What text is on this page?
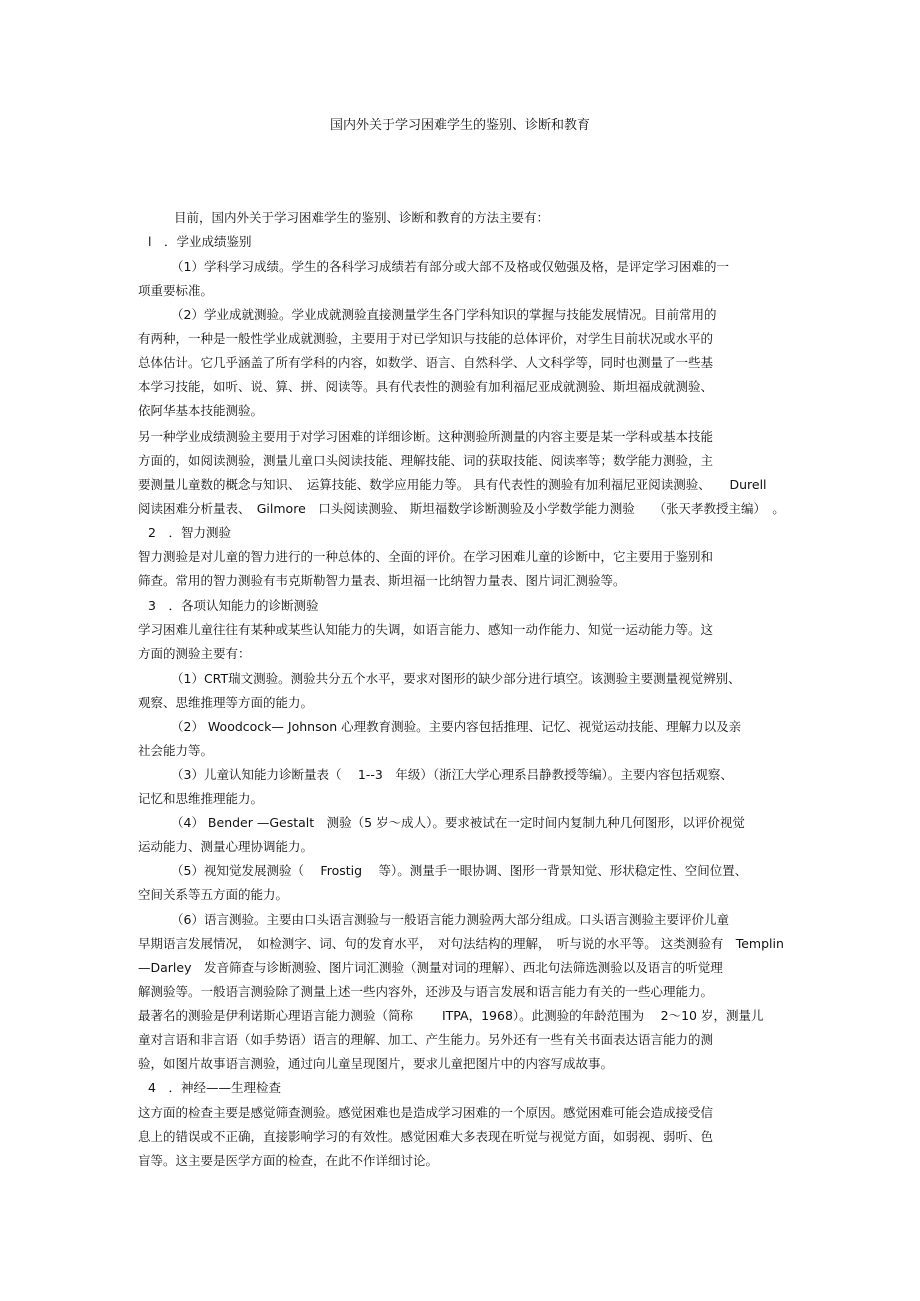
国内外关于学习困难学生的鉴别、诊断和教育
目前，国内外关于学习困难学生的鉴别、诊断和教育的方法主要有：
l　．学业成绩鉴别
（1）学科学习成绩。学生的各科学习成绩若有部分或大部不及格或仅勉强及格，是评定学习困难的一
项重要标准。
（2）学业成就测验。学业成就测验直接测量学生各门学科知识的掌握与技能发展情况。目前常用的
有两种，一种是一般性学业成就测验，主要用于对已学知识与技能的总体评价，对学生目前状况或水平的
总体估计。它几乎涵盖了所有学科的内容，如数学、语言、自然科学、人文科学等，同时也测量了一些基
本学习技能，如听、说、算、拼、阅读等。具有代表性的测验有加利福尼亚成就测验、斯坦福成就测验、
依阿华基本技能测验。
另一种学业成绩测验主要用于对学习困难的详细诊断。这种测验所测量的内容主要是某一学科或基本技能
方面的，如阅读测验，测量儿童口头阅读技能、理解技能、词的获取技能、阅读率等；数学能力测验，主
要测量儿童数的概念与知识、　运算技能、数学应用能力等。 具有代表性的测验有加利福尼亚阅读测验、　　Durell
阅读困难分析量表、　Gilmore　口头阅读测验、 斯坦福数学诊断测验及小学数学能力测验　　（张天孝教授主编）　。
2　．智力测验
智力测验是对儿童的智力进行的一种总体的、全面的评价。在学习困难儿童的诊断中，它主要用于鉴别和
筛查。常用的智力测验有韦克斯勒智力量表、斯坦福一比纳智力量表、图片词汇测验等。
3　．各项认知能力的诊断测验
学习困难儿童往往有某种或某些认知能力的失调，如语言能力、感知一动作能力、知觉一运动能力等。这
方面的测验主要有：
（1）CRT瑞文测验。测验共分五个水平，要求对图形的缺少部分进行填空。该测验主要测量视觉辨别、
观察、思维推理等方面的能力。
（2） Woodcock— Johnson 心理教育测验。主要内容包括推理、记忆、视觉运动技能、理解力以及亲
社会能力等。
（3）儿童认知能力诊断量表（　 1--3　年级）（浙江大学心理系吕静教授等编）。主要内容包括观察、
记忆和思维推理能力。
（4） Bender —Gestalt　测验（5 岁～成人）。要求被试在一定时间内复制九种几何图形，以评价视觉
运动能力、测量心理协调能力。
（5）视知觉发展测验（　 Frostig　 等）。测量手一眼协调、图形一背景知觉、形状稳定性、空间位置、
空间关系等五方面的能力。
（6）语言测验。主要由口头语言测验与一般语言能力测验两大部分组成。口头语言测验主要评价儿童
早期语言发展情况，　如检测字、词、句的发育水平，　对句法结构的理解，　听与说的水平等。 这类测验有　Templin
—Darley　发音筛查与诊断测验、图片词汇测验（测量对词的理解）、西北句法筛选测验以及语言的听觉理
解测验等。一般语言测验除了测量上述一些内容外，还涉及与语言发展和语言能力有关的一些心理能力。
最著名的测验是伊利诺斯心理语言能力测验（简称　　 ITPA，1968）。此测验的年龄范围为　 2～10 岁，测量儿
童对言语和非言语（如手势语）语言的理解、加工、产生能力。另外还有一些有关书面表达语言能力的测
验，如图片故事语言测验，通过向儿童呈现图片，要求儿童把图片中的内容写成故事。
4　．神经——生理检查
这方面的检查主要是感觉筛查测验。感觉困难也是造成学习困难的一个原因。感觉困难可能会造成接受信
息上的错误或不正确，直接影响学习的有效性。感觉困难大多表现在听觉与视觉方面，如弱视、弱听、色
盲等。这主要是医学方面的检查，在此不作详细讨论。
